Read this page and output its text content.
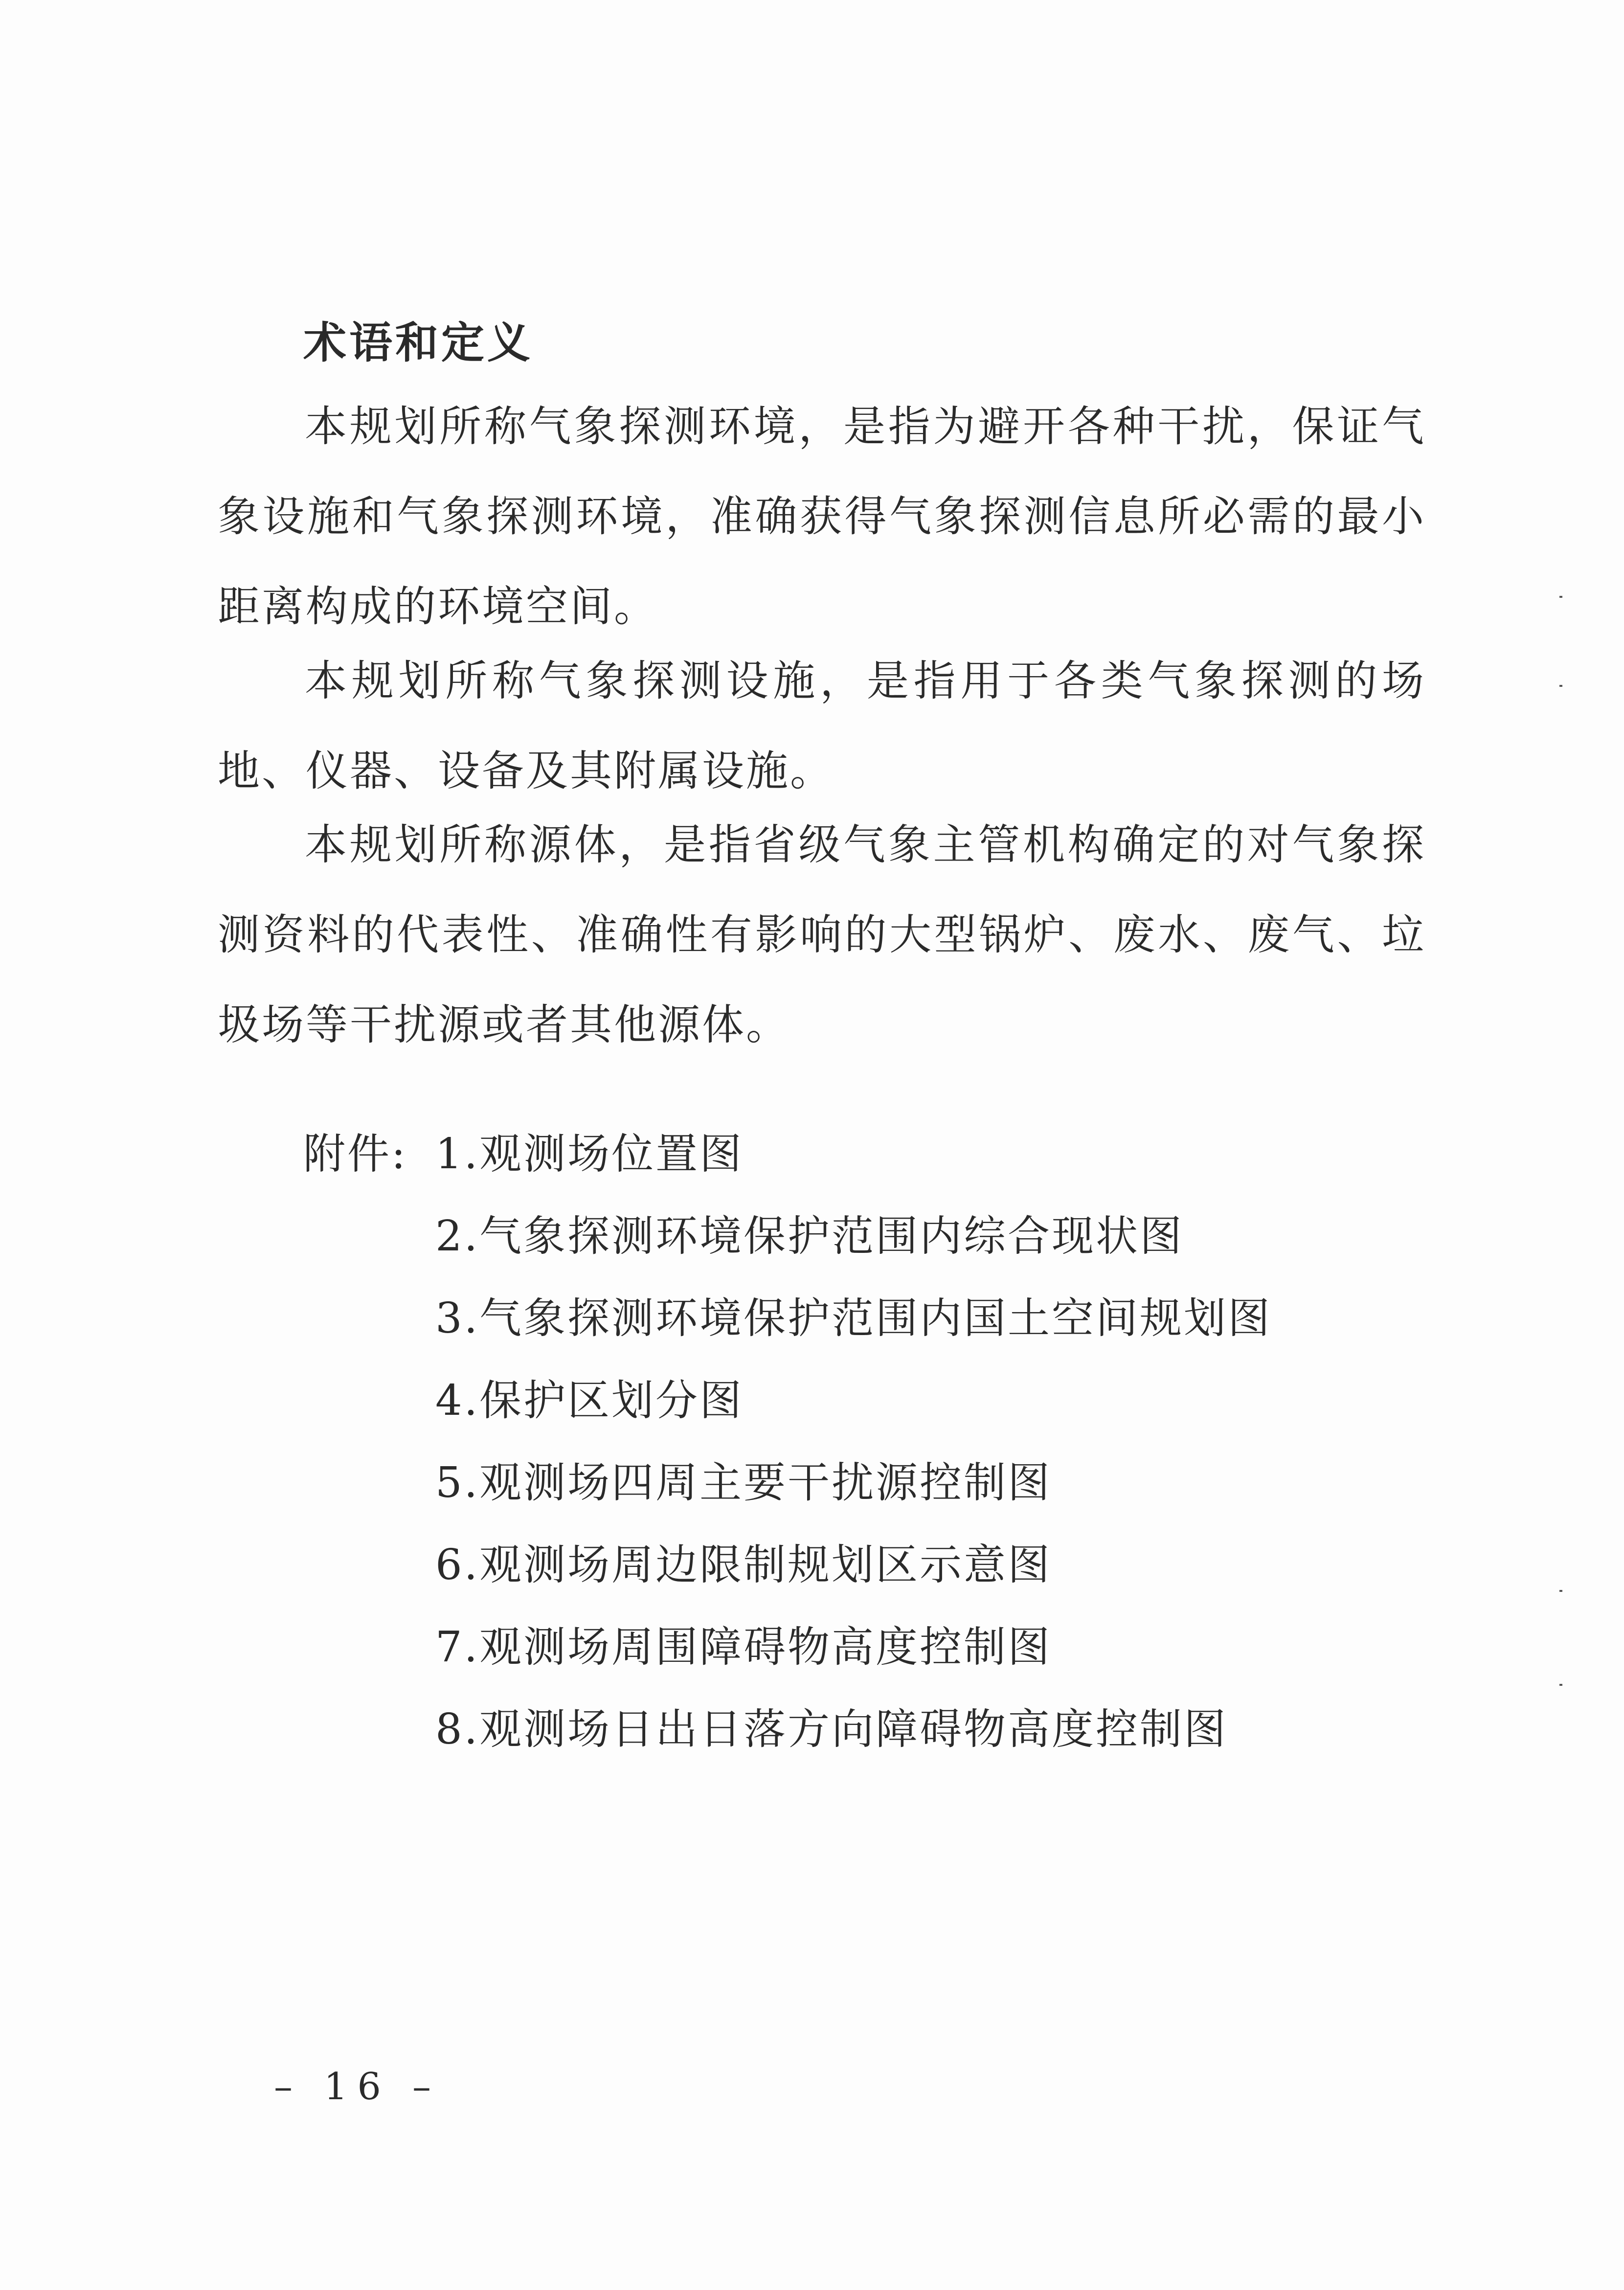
术语和定义

本规划所称气象探测环境，是指为避开各种干扰，保证气象设施和气象探测环境，准确获得气象探测信息所必需的最小距离构成的环境空间。

本规划所称气象探测设施，是指用于各类气象探测的场地、仪器、设备及其附属设施。

本规划所称源体，是指省级气象主管机构确定的对气象探测资料的代表性、准确性有影响的大型锅炉、废水、废气、垃圾场等干扰源或者其他源体。

附件: 1.观测场位置图
2.气象探测环境保护范围内综合现状图
3.气象探测环境保护范围内国土空间规划图
4.保护区划分图
5.观测场四周主要干扰源控制图
6.观测场周边限制规划区示意图
7.观测场周围障碍物高度控制图
8.观测场日出日落方向障碍物高度控制图
– 16 –
